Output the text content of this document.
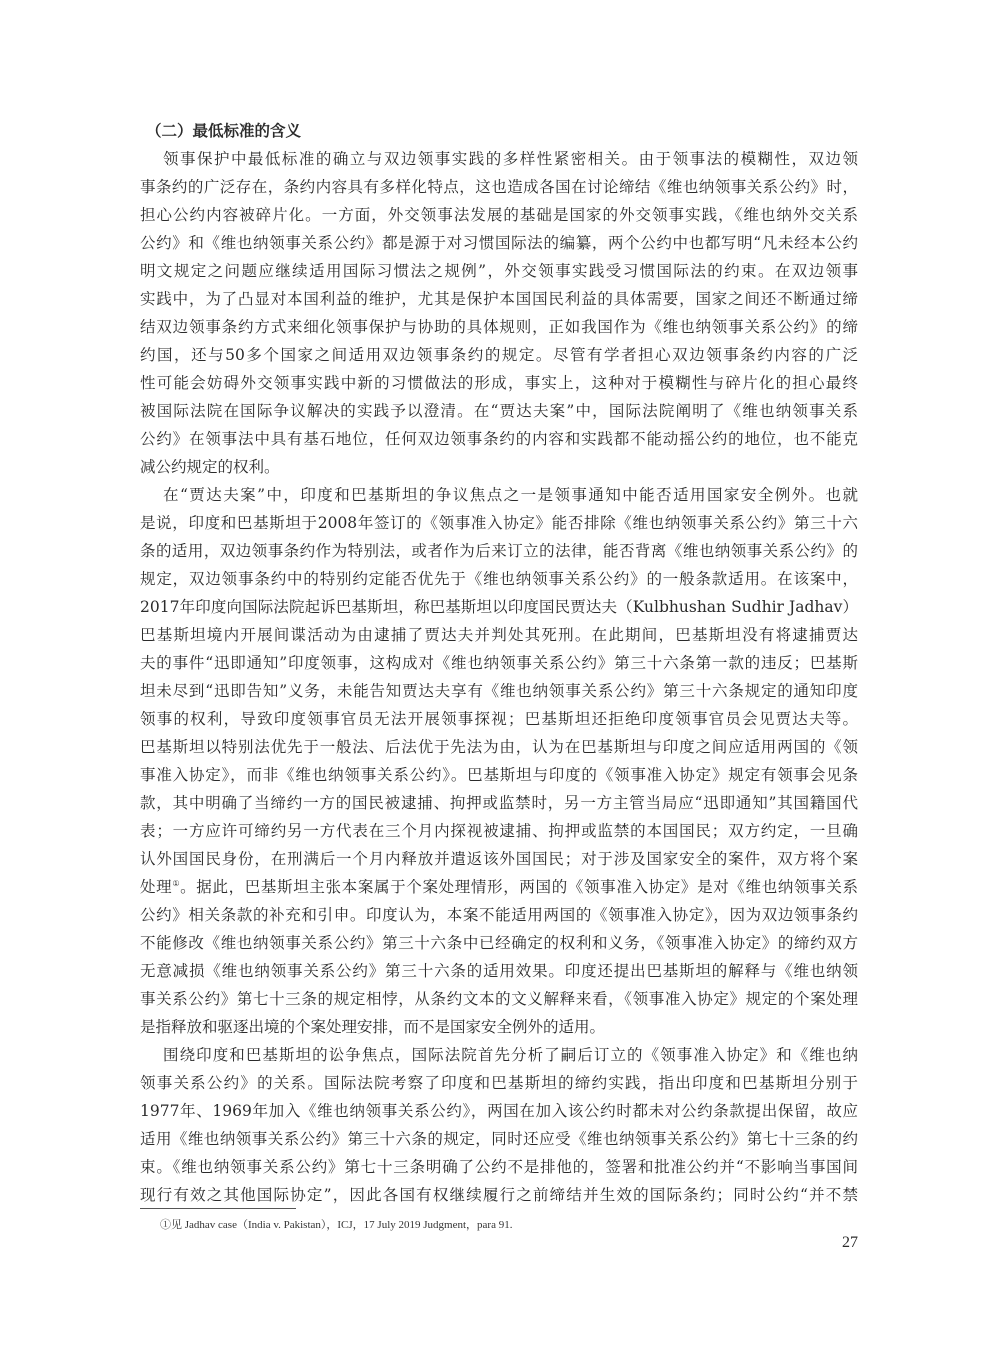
（二）最低标准的含义
领事保护中最低标准的确立与双边领事实践的多样性紧密相关。由于领事法的模糊性，双边领
事条约的广泛存在，条约内容具有多样化特点，这也造成各国在讨论缔结《维也纳领事关系公约》时，
担心公约内容被碎片化。一方面，外交领事法发展的基础是国家的外交领事实践，《维也纳外交关系
公约》和《维也纳领事关系公约》都是源于对习惯国际法的编纂，两个公约中也都写明“凡未经本公约
明文规定之问题应继续适用国际习惯法之规例”，外交领事实践受习惯国际法的约束。在双边领事
实践中，为了凸显对本国利益的维护，尤其是保护本国国民利益的具体需要，国家之间还不断通过缔
结双边领事条约方式来细化领事保护与协助的具体规则，正如我国作为《维也纳领事关系公约》的缔
约国，还与50多个国家之间适用双边领事条约的规定。尽管有学者担心双边领事条约内容的广泛
性可能会妨碍外交领事实践中新的习惯做法的形成，事实上，这种对于模糊性与碎片化的担心最终
被国际法院在国际争议解决的实践予以澄清。在“贾达夫案”中，国际法院阐明了《维也纳领事关系
公约》在领事法中具有基石地位，任何双边领事条约的内容和实践都不能动摇公约的地位，也不能克
减公约规定的权利。
在“贾达夫案”中，印度和巴基斯坦的争议焦点之一是领事通知中能否适用国家安全例外。也就
是说，印度和巴基斯坦于2008年签订的《领事准入协定》能否排除《维也纳领事关系公约》第三十六
条的适用，双边领事条约作为特别法，或者作为后来订立的法律，能否背离《维也纳领事关系公约》的
规定，双边领事条约中的特别约定能否优先于《维也纳领事关系公约》的一般条款适用。在该案中，
2017年印度向国际法院起诉巴基斯坦，称巴基斯坦以印度国民贾达夫（Kulbhushan Sudhir Jadhav）
巴基斯坦境内开展间谍活动为由逮捕了贾达夫并判处其死刑。在此期间，巴基斯坦没有将逮捕贾达
夫的事件“迅即通知”印度领事，这构成对《维也纳领事关系公约》第三十六条第一款的违反；巴基斯
坦未尽到“迅即告知”义务，未能告知贾达夫享有《维也纳领事关系公约》第三十六条规定的通知印度
领事的权利，导致印度领事官员无法开展领事探视；巴基斯坦还拒绝印度领事官员会见贾达夫等。
巴基斯坦以特别法优先于一般法、后法优于先法为由，认为在巴基斯坦与印度之间应适用两国的《领
事准入协定》，而非《维也纳领事关系公约》。巴基斯坦与印度的《领事准入协定》规定有领事会见条
款，其中明确了当缔约一方的国民被逮捕、拘押或监禁时，另一方主管当局应“迅即通知”其国籍国代
表；一方应许可缔约另一方代表在三个月内探视被逮捕、拘押或监禁的本国国民；双方约定，一旦确
认外国国民身份，在刑满后一个月内释放并遣返该外国国民；对于涉及国家安全的案件，双方将个案
处理①。据此，巴基斯坦主张本案属于个案处理情形，两国的《领事准入协定》是对《维也纳领事关系
公约》相关条款的补充和引申。印度认为，本案不能适用两国的《领事准入协定》，因为双边领事条约
不能修改《维也纳领事关系公约》第三十六条中已经确定的权利和义务，《领事准入协定》的缔约双方
无意减损《维也纳领事关系公约》第三十六条的适用效果。印度还提出巴基斯坦的解释与《维也纳领
事关系公约》第七十三条的规定相悖，从条约文本的文义解释来看，《领事准入协定》规定的个案处理
是指释放和驱逐出境的个案处理安排，而不是国家安全例外的适用。
围绕印度和巴基斯坦的讼争焦点，国际法院首先分析了嗣后订立的《领事准入协定》和《维也纳
领事关系公约》的关系。国际法院考察了印度和巴基斯坦的缔约实践，指出印度和巴基斯坦分别于
1977年、1969年加入《维也纳领事关系公约》，两国在加入该公约时都未对公约条款提出保留，故应
适用《维也纳领事关系公约》第三十六条的规定，同时还应受《维也纳领事关系公约》第七十三条的约
束。《维也纳领事关系公约》第七十三条明确了公约不是排他的，签署和批准公约并“不影响当事国间
现行有效之其他国际协定”，因此各国有权继续履行之前缔结并生效的国际条约；同时公约“并不禁
①见 Jadhav case（India v. Pakistan），ICJ，17 July 2019 Judgment，para 91.
27
